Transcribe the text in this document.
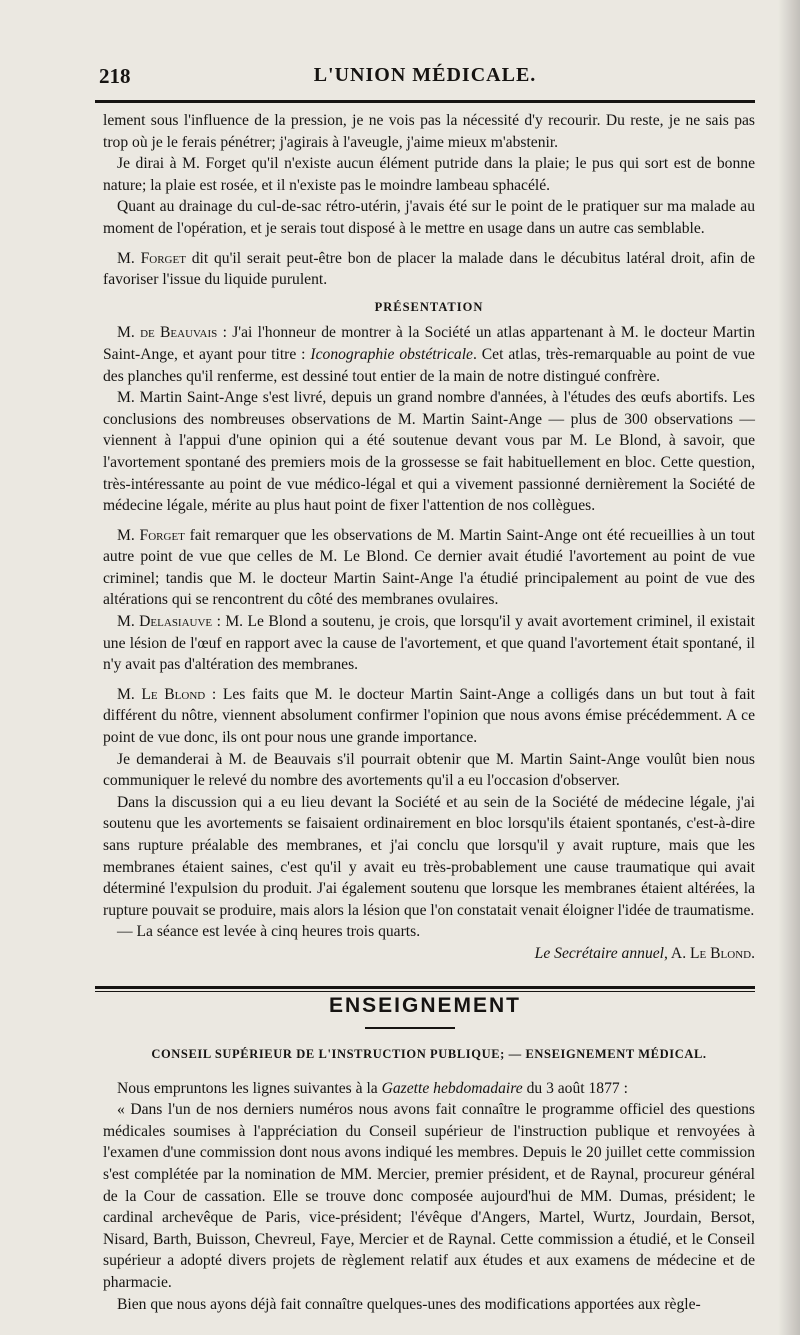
218	L'UNION MÉDICALE.

lement sous l'influence de la pression, je ne vois pas la nécessité d'y recourir. Du reste, je ne sais pas trop où je le ferais pénétrer; j'agirais à l'aveugle, j'aime mieux m'abstenir.

Je dirai à M. Forget qu'il n'existe aucun élément putride dans la plaie; le pus qui sort est de bonne nature; la plaie est rosée, et il n'existe pas le moindre lambeau sphacélé.

Quant au drainage du cul-de-sac rétro-utérin, j'avais été sur le point de le pratiquer sur ma malade au moment de l'opération, et je serais tout disposé à le mettre en usage dans un autre cas semblable.

M. Forget dit qu'il serait peut-être bon de placer la malade dans le décubitus latéral droit, afin de favoriser l'issue du liquide purulent.

PRÉSENTATION

M. de Beauvais : J'ai l'honneur de montrer à la Société un atlas appartenant à M. le docteur Martin Saint-Ange, et ayant pour titre : Iconographie obstétricale. Cet atlas, très-remarquable au point de vue des planches qu'il renferme, est dessiné tout entier de la main de notre distingué confrère.

M. Martin Saint-Ange s'est livré, depuis un grand nombre d'années, à l'études des œufs abortifs. Les conclusions des nombreuses observations de M. Martin Saint-Ange — plus de 300 observations — viennent à l'appui d'une opinion qui a été soutenue devant vous par M. Le Blond, à savoir, que l'avortement spontané des premiers mois de la grossesse se fait habituellement en bloc. Cette question, très-intéressante au point de vue médico-légal et qui a vivement passionné dernièrement la Société de médecine légale, mérite au plus haut point de fixer l'attention de nos collègues.

M. Forget fait remarquer que les observations de M. Martin Saint-Ange ont été recueillies à un tout autre point de vue que celles de M. Le Blond. Ce dernier avait étudié l'avortement au point de vue criminel; tandis que M. le docteur Martin Saint-Ange l'a étudié principalement au point de vue des altérations qui se rencontrent du côté des membranes ovulaires.

M. Delasiauve : M. Le Blond a soutenu, je crois, que lorsqu'il y avait avortement criminel, il existait une lésion de l'œuf en rapport avec la cause de l'avortement, et que quand l'avortement était spontané, il n'y avait pas d'altération des membranes.

M. Le Blond : Les faits que M. le docteur Martin Saint-Ange a colligés dans un but tout à fait différent du nôtre, viennent absolument confirmer l'opinion que nous avons émise précédemment. A ce point de vue donc, ils ont pour nous une grande importance.

Je demanderai à M. de Beauvais s'il pourrait obtenir que M. Martin Saint-Ange voulût bien nous communiquer le relevé du nombre des avortements qu'il a eu l'occasion d'observer.

Dans la discussion qui a eu lieu devant la Société et au sein de la Société de médecine légale, j'ai soutenu que les avortements se faisaient ordinairement en bloc lorsqu'ils étaient spontanés, c'est-à-dire sans rupture préalable des membranes, et j'ai conclu que lorsqu'il y avait rupture, mais que les membranes étaient saines, c'est qu'il y avait eu très-probablement une cause traumatique qui avait déterminé l'expulsion du produit. J'ai également soutenu que lorsque les membranes étaient altérées, la rupture pouvait se produire, mais alors la lésion que l'on constatait venait éloigner l'idée de traumatisme.

— La séance est levée à cinq heures trois quarts.

Le Secrétaire annuel, A. Le Blond.

ENSEIGNEMENT
CONSEIL SUPÉRIEUR DE L'INSTRUCTION PUBLIQUE; — ENSEIGNEMENT MÉDICAL.

Nous empruntons les lignes suivantes à la Gazette hebdomadaire du 3 août 1877 :

« Dans l'un de nos derniers numéros nous avons fait connaître le programme officiel des questions médicales soumises à l'appréciation du Conseil supérieur de l'instruction publique et renvoyées à l'examen d'une commission dont nous avons indiqué les membres. Depuis le 20 juillet cette commission s'est complétée par la nomination de MM. Mercier, premier président, et de Raynal, procureur général de la Cour de cassation. Elle se trouve donc composée aujourd'hui de MM. Dumas, président; le cardinal archevêque de Paris, vice-président; l'évêque d'Angers, Martel, Wurtz, Jourdain, Bersot, Nisard, Barth, Buisson, Chevreul, Faye, Mercier et de Raynal. Cette commission a étudié, et le Conseil supérieur a adopté divers projets de règlement relatif aux études et aux examens de médecine et de pharmacie.

Bien que nous ayons déjà fait connaître quelques-unes des modifications apportées aux règle-
